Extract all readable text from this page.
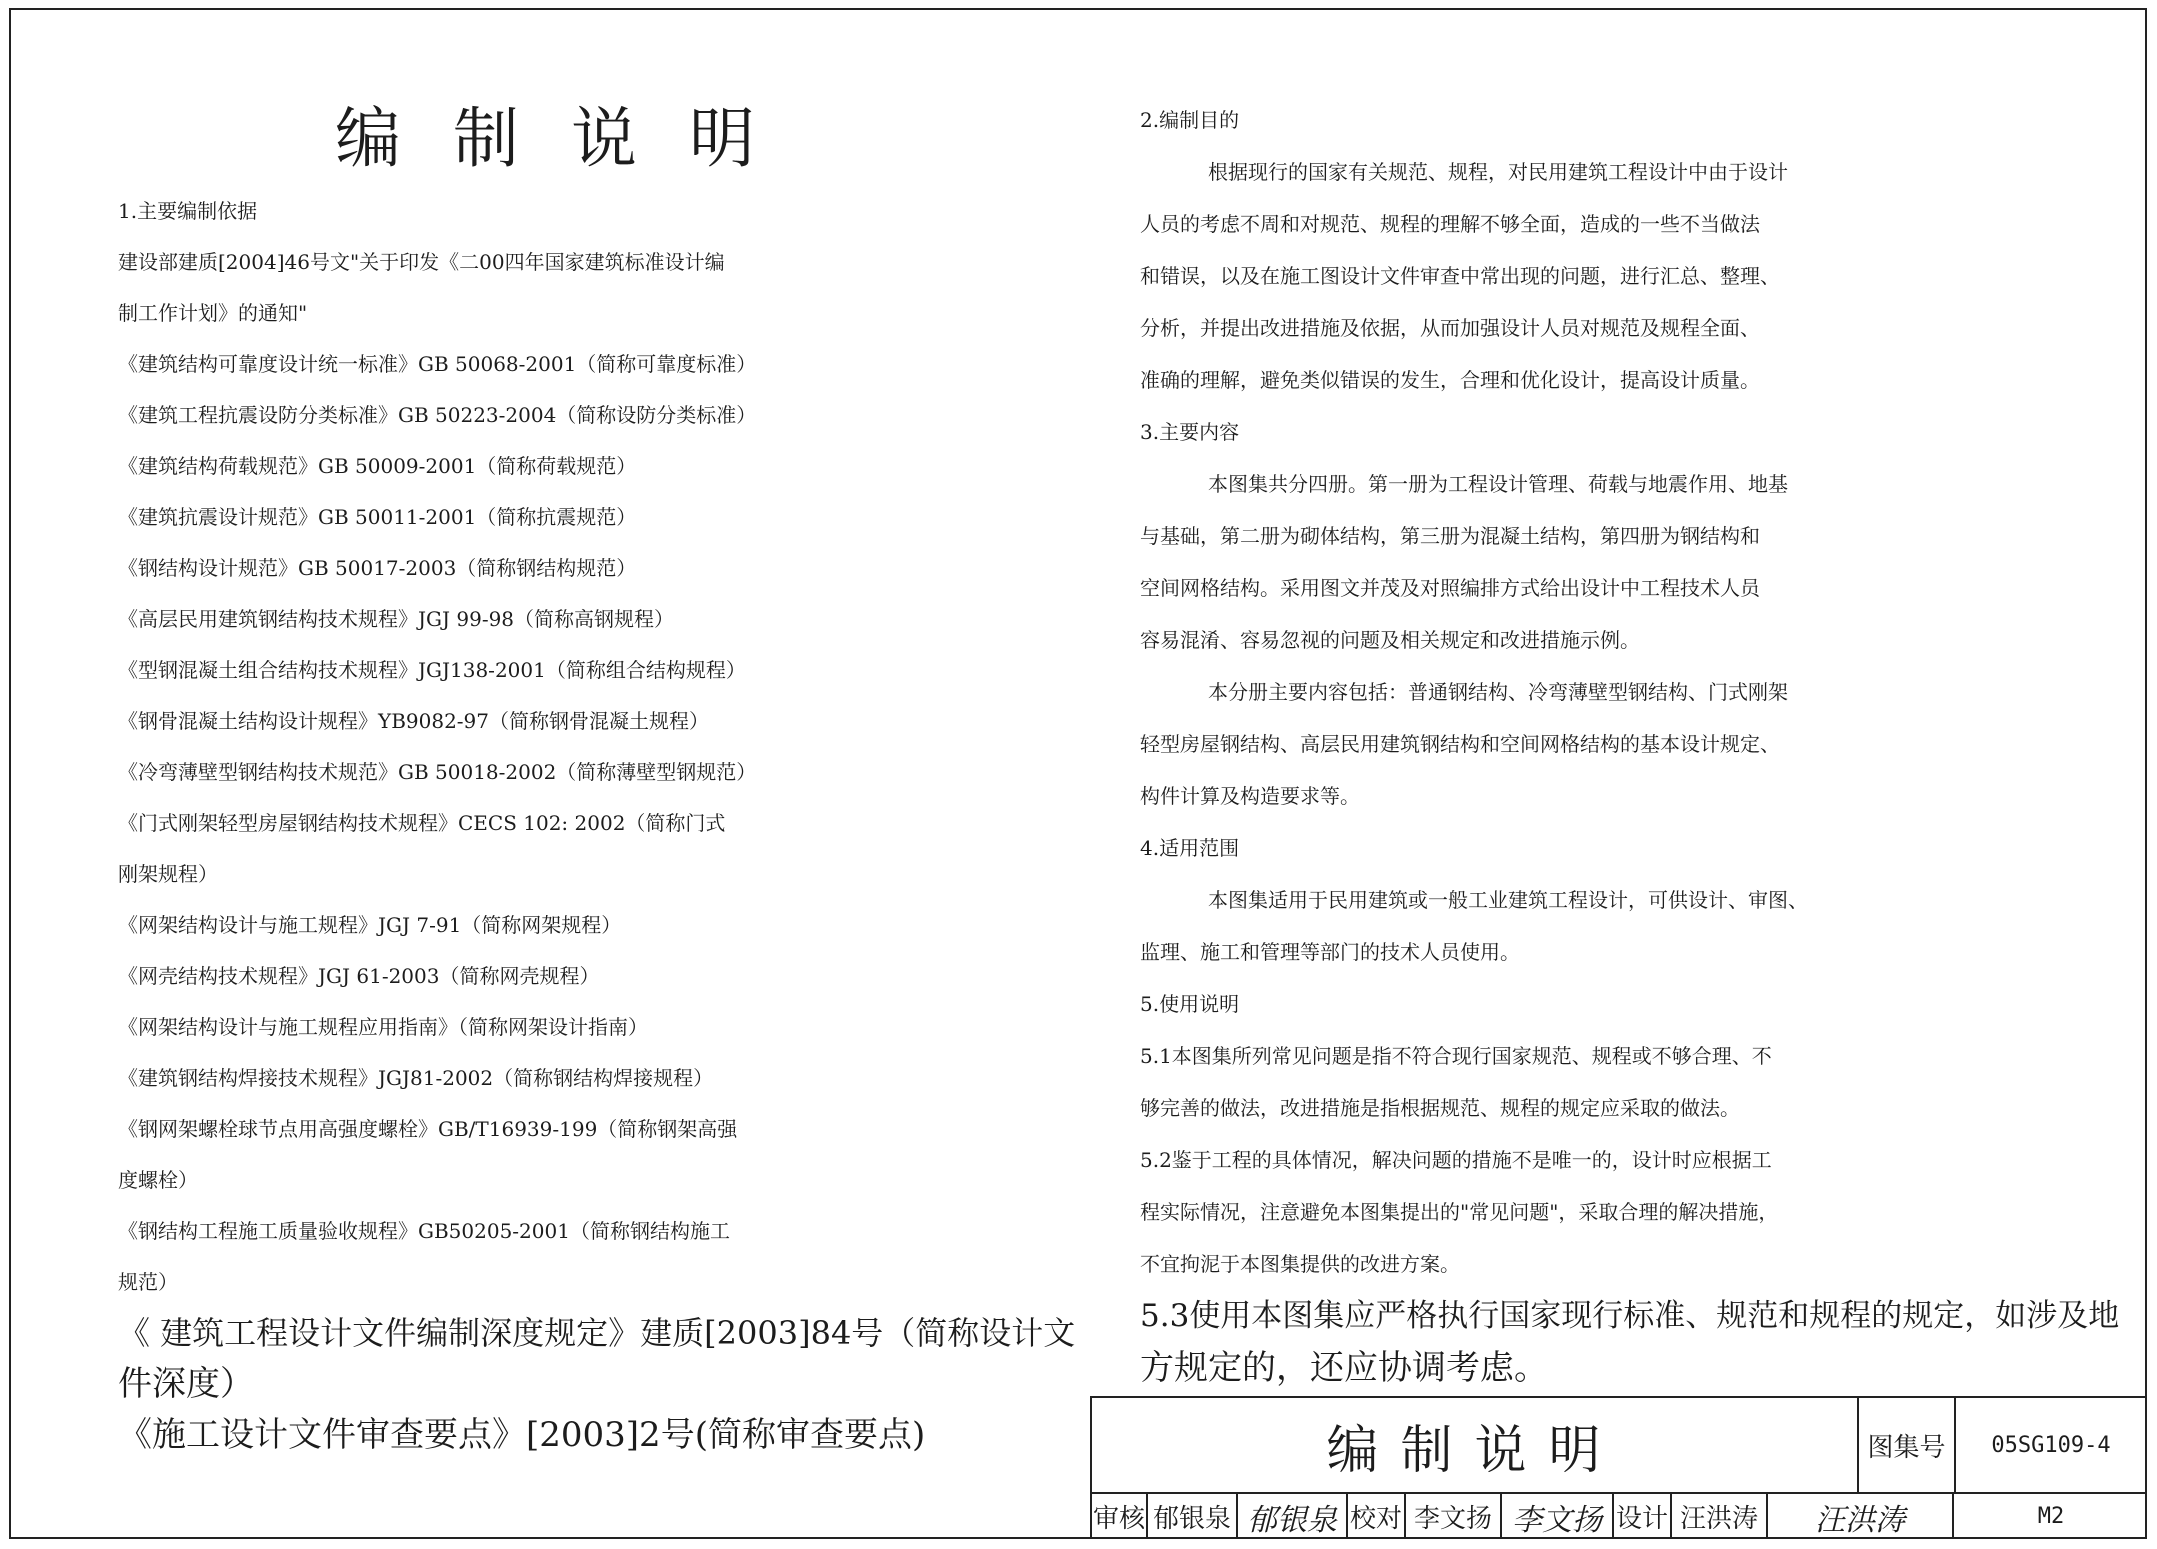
编制说明
1.主要编制依据
建设部建质[2004]46号文"关于印发《二00四年国家建筑标准设计编
制工作计划》的通知"
《建筑结构可靠度设计统一标准》GB 50068-2001（简称可靠度标准）
《建筑工程抗震设防分类标准》GB 50223-2004（简称设防分类标准）
《建筑结构荷载规范》GB 50009-2001（简称荷载规范）
《建筑抗震设计规范》GB 50011-2001（简称抗震规范）
《钢结构设计规范》GB 50017-2003（简称钢结构规范）
《高层民用建筑钢结构技术规程》JGJ 99-98（简称高钢规程）
《型钢混凝土组合结构技术规程》JGJ138-2001（简称组合结构规程）
《钢骨混凝土结构设计规程》YB9082-97（简称钢骨混凝土规程）
《冷弯薄壁型钢结构技术规范》GB 50018-2002（简称薄壁型钢规范）
《门式刚架轻型房屋钢结构技术规程》CECS 102: 2002（简称门式
刚架规程）
《网架结构设计与施工规程》JGJ 7-91（简称网架规程）
《网壳结构技术规程》JGJ 61-2003（简称网壳规程）
《网架结构设计与施工规程应用指南》（简称网架设计指南）
《建筑钢结构焊接技术规程》JGJ81-2002（简称钢结构焊接规程）
《钢网架螺栓球节点用高强度螺栓》GB/T16939-199（简称钢架高强
度螺栓）
《钢结构工程施工质量验收规程》GB50205-2001（简称钢结构施工
规范）
《 建筑工程设计文件编制深度规定》建质[2003]84号（简称设计文
件深度）
《施工设计文件审查要点》[2003]2号(简称审查要点)
2.编制目的
根据现行的国家有关规范、规程，对民用建筑工程设计中由于设计
人员的考虑不周和对规范、规程的理解不够全面，造成的一些不当做法
和错误，以及在施工图设计文件审查中常出现的问题，进行汇总、整理、
分析，并提出改进措施及依据，从而加强设计人员对规范及规程全面、
准确的理解，避免类似错误的发生，合理和优化设计，提高设计质量。
3.主要内容
本图集共分四册。第一册为工程设计管理、荷载与地震作用、地基
与基础，第二册为砌体结构，第三册为混凝土结构，第四册为钢结构和
空间网格结构。采用图文并茂及对照编排方式给出设计中工程技术人员
容易混淆、容易忽视的问题及相关规定和改进措施示例。
本分册主要内容包括：普通钢结构、冷弯薄壁型钢结构、门式刚架
轻型房屋钢结构、高层民用建筑钢结构和空间网格结构的基本设计规定、
构件计算及构造要求等。
4.适用范围
本图集适用于民用建筑或一般工业建筑工程设计，可供设计、审图、
监理、施工和管理等部门的技术人员使用。
5.使用说明
5.1本图集所列常见问题是指不符合现行国家规范、规程或不够合理、不
够完善的做法，改进措施是指根据规范、规程的规定应采取的做法。
5.2鉴于工程的具体情况，解决问题的措施不是唯一的，设计时应根据工
程实际情况，注意避免本图集提出的"常见问题"，采取合理的解决措施，
不宜拘泥于本图集提供的改进方案。
5.3使用本图集应严格执行国家现行标准、规范和规程的规定，如涉及地
方规定的，还应协调考虑。
编制说明	图集号	05SG109-4
审核 郁银泉 郁银泉 校对 李文扬 李文扬 设计 汪洪涛	汪洪涛	M2
